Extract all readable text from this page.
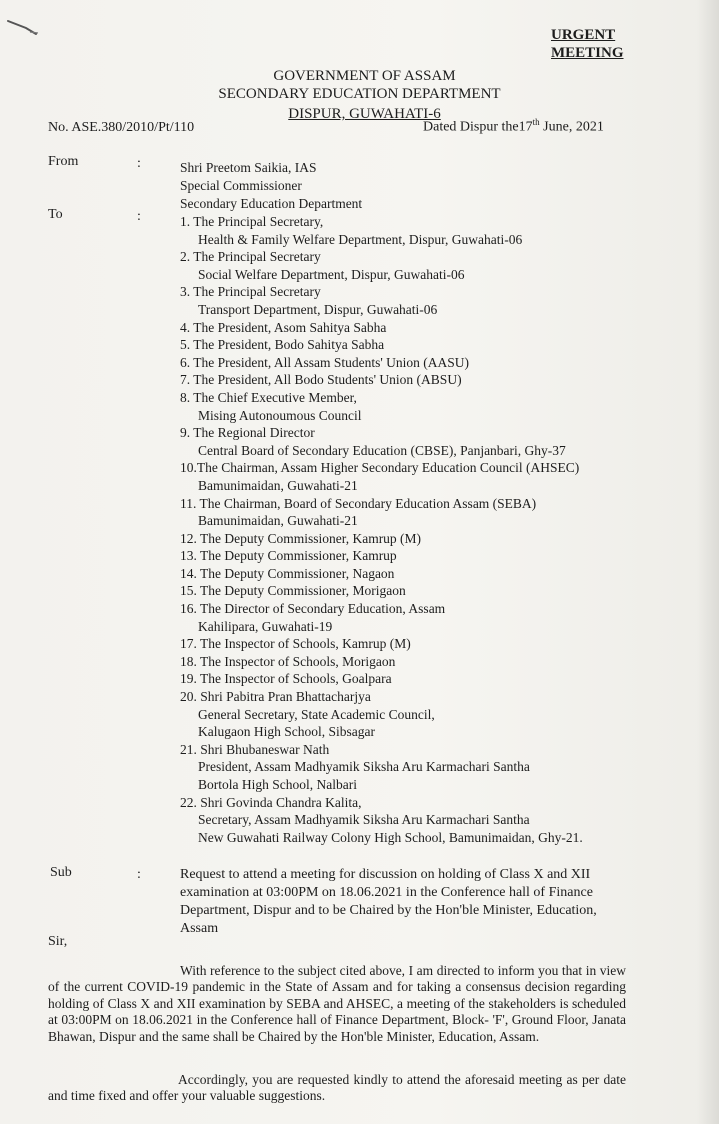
URGENT
MEETING
GOVERNMENT OF ASSAM
SECONDARY EDUCATION DEPARTMENT
DISPUR, GUWAHATI-6
No. ASE.380/2010/Pt/110	Dated Dispur the17th June, 2021
From	:	Shri Preetom Saikia, IAS
Special Commissioner
Secondary Education Department
To	:	1. The Principal Secretary,
Health & Family Welfare Department, Dispur, Guwahati-06
2. The Principal Secretary
Social Welfare Department, Dispur, Guwahati-06
3. The Principal Secretary
Transport Department, Dispur, Guwahati-06
4. The President, Asom Sahitya Sabha
5. The President, Bodo Sahitya Sabha
6. The President, All Assam Students' Union (AASU)
7. The President, All Bodo Students' Union (ABSU)
8. The Chief Executive Member,
Mising Autonoumous Council
9. The Regional Director
Central Board of Secondary Education (CBSE), Panjanbari, Ghy-37
10.The Chairman, Assam Higher Secondary Education Council (AHSEC)
Bamunimaidan, Guwahati-21
11. The Chairman, Board of Secondary Education Assam (SEBA)
Bamunimaidan, Guwahati-21
12. The Deputy Commissioner, Kamrup (M)
13. The Deputy Commissioner, Kamrup
14. The Deputy Commissioner, Nagaon
15. The Deputy Commissioner, Morigaon
16. The Director of Secondary Education, Assam
Kahilipara, Guwahati-19
17. The Inspector of Schools, Kamrup (M)
18. The Inspector of Schools, Morigaon
19. The Inspector of Schools, Goalpara
20. Shri Pabitra Pran Bhattacharjya
General Secretary, State Academic Council,
Kalugaon High School, Sibsagar
21. Shri Bhubaneswar Nath
President, Assam Madhyamik Siksha Aru Karmachari Santha
Bortola High School, Nalbari
22. Shri Govinda Chandra Kalita,
Secretary, Assam Madhyamik Siksha Aru Karmachari Santha
New Guwahati Railway Colony High School, Bamunimaidan, Ghy-21.
Sub	:	Request to attend a meeting for discussion on holding of Class X and XII examination at 03:00PM on 18.06.2021 in the Conference hall of Finance Department, Dispur and to be Chaired by the Hon'ble Minister, Education, Assam
Sir,
With reference to the subject cited above, I am directed to inform you that in view of the current COVID-19 pandemic in the State of Assam and for taking a consensus decision regarding holding of Class X and XII examination by SEBA and AHSEC, a meeting of the stakeholders is scheduled at 03:00PM on 18.06.2021 in the Conference hall of Finance Department, Block- 'F', Ground Floor, Janata Bhawan, Dispur and the same shall be Chaired by the Hon'ble Minister, Education, Assam.
Accordingly, you are requested kindly to attend the aforesaid meeting as per date and time fixed and offer your valuable suggestions.
